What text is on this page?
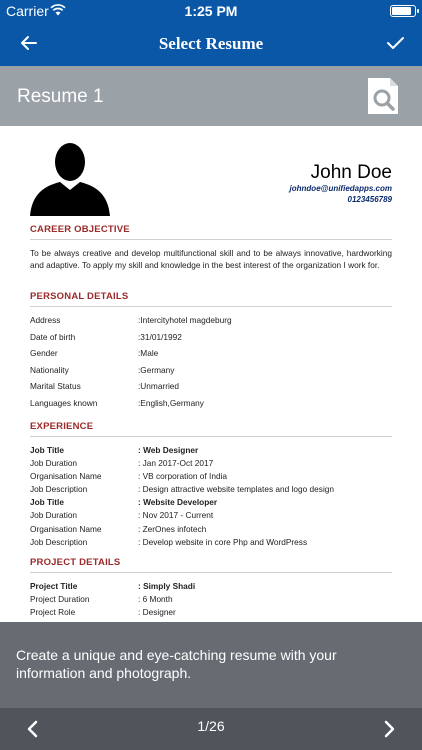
Carrier	1:25 PM
Select Resume
Resume 1
John Doe
johndoe@unifiedapps.com
0123456789
CAREER OBJECTIVE
To be always creative and develop multifunctional skill and to be always innovative, hardworking and adaptive. To apply my skill and knowledge in the best interest of the organization I work for.
PERSONAL DETAILS
Address	:Intercityhotel magdeburg
Date of birth	:31/01/1992
Gender	:Male
Nationality	:Germany
Marital Status	:Unmarried
Languages known	:English,Germany
EXPERIENCE
Job Title	: Web Designer
Job Duration	: Jan 2017-Oct 2017
Organisation Name	: VB corporation of India
Job Description	: Design attractive website templates and logo design
Job Title	: Website Developer
Job Duration	: Nov 2017 - Current
Organisation Name	: ZerOnes infotech
Job Description	: Develop website in core Php and WordPress
PROJECT DETAILS
Project Title	: Simply Shadi
Project Duration	: 6 Month
Project Role	: Designer
Create a unique and eye-catching resume with your information and photograph.
1/26
